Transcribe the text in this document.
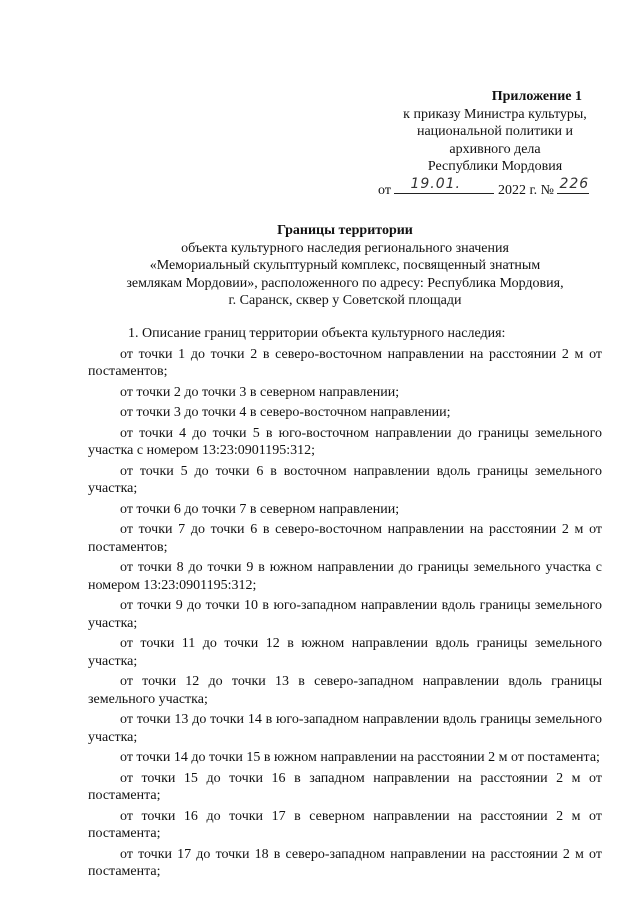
Приложение 1
к приказу Министра культуры,
национальной политики и
архивного дела
Республики Мордовия
от 19.01.	2022 г. № 226
Границы территории
объекта культурного наследия регионального значения
«Мемориальный скульптурный комплекс, посвященный знатным
землякам Мордовии», расположенного по адресу: Республика Мордовия,
г. Саранск, сквер у Советской площади

1. Описание границ территории объекта культурного наследия:

от точки 1 до точки 2 в северо-восточном направлении на расстоянии 2 м от постаментов;

от точки 2 до точки 3 в северном направлении;

от точки 3 до точки 4 в северо-восточном направлении;

от точки 4 до точки 5 в юго-восточном направлении до границы земельного участка с номером 13:23:0901195:312;

от точки 5 до точки 6 в восточном направлении вдоль границы земельного участка;

от точки 6 до точки 7 в северном направлении;

от точки 7 до точки 6 в северо-восточном направлении на расстоянии 2 м от постаментов;

от точки 8 до точки 9 в южном направлении до границы земельного участка с номером 13:23:0901195:312;

от точки 9 до точки 10 в юго-западном направлении вдоль границы земельного участка;

от точки 11 до точки 12 в южном направлении вдоль границы земельного участка;

от точки 12 до точки 13 в северо-западном направлении вдоль границы земельного участка;

от точки 13 до точки 14 в юго-западном направлении вдоль границы земельного участка;

от точки 14 до точки 15 в южном направлении на расстоянии 2 м от постамента;

от точки 15 до точки 16 в западном направлении на расстоянии 2 м от постамента;

от точки 16 до точки 17 в северном направлении на расстоянии 2 м от постамента;

от точки 17 до точки 18 в северо-западном направлении на расстоянии 2 м от постамента;
